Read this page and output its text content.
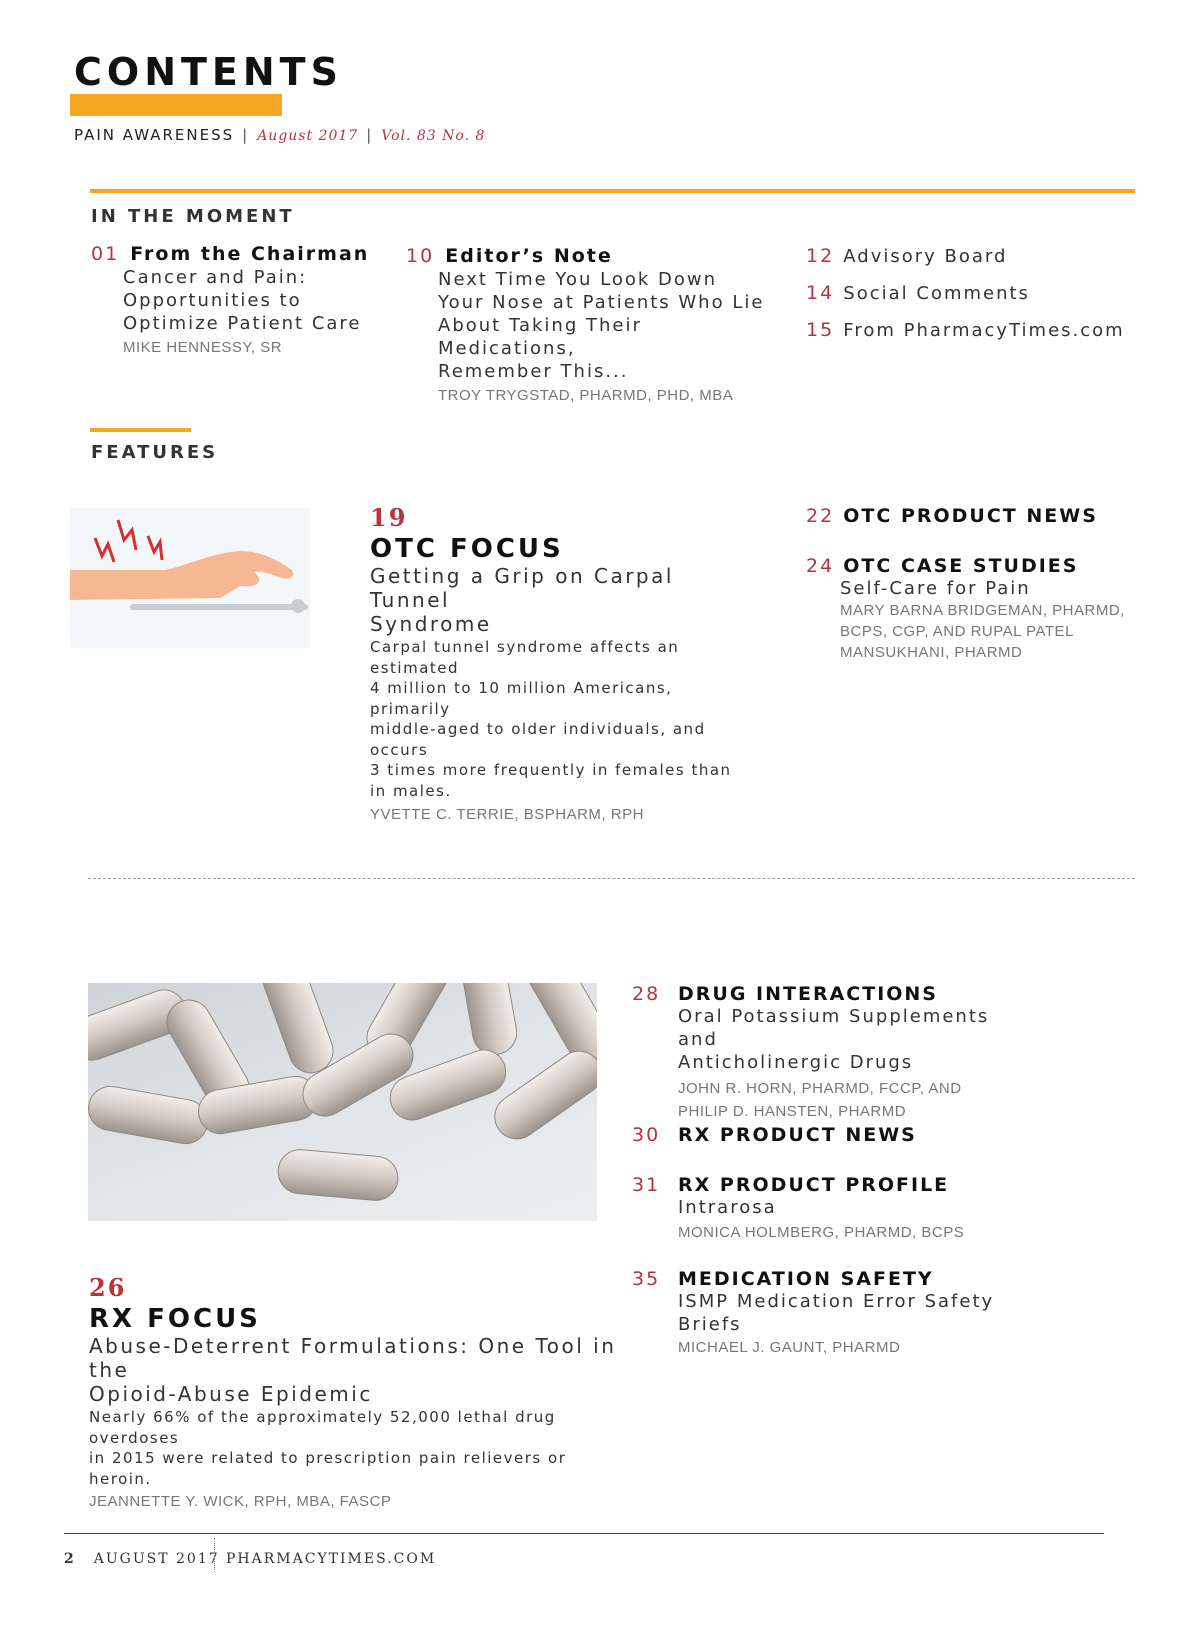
CONTENTS
PAIN AWARENESS | August 2017 | Vol. 83 No. 8
IN THE MOMENT
01 From the Chairman
Cancer and Pain:
Opportunities to
Optimize Patient Care
MIKE HENNESSY, SR
10 Editor’s Note
Next Time You Look Down
Your Nose at Patients Who Lie
About Taking Their Medications,
Remember This...
TROY TRYGSTAD, PHARMD, PHD, MBA
12 Advisory Board
14 Social Comments
15 From PharmacyTimes.com
FEATURES
19
OTC FOCUS
Getting a Grip on Carpal Tunnel
Syndrome
Carpal tunnel syndrome affects an estimated
4 million to 10 million Americans, primarily
middle-aged to older individuals, and occurs
3 times more frequently in females than
in males.
YVETTE C. TERRIE, BSPHARM, RPH
22 OTC PRODUCT NEWS
24 OTC CASE STUDIES
Self-Care for Pain
MARY BARNA BRIDGEMAN, PHARMD,
BCPS, CGP, AND RUPAL PATEL
MANSUKHANI, PHARMD
26
RX FOCUS
Abuse-Deterrent Formulations: One Tool in the
Opioid-Abuse Epidemic
Nearly 66% of the approximately 52,000 lethal drug overdoses
in 2015 were related to prescription pain relievers or heroin.
JEANNETTE Y. WICK, RPH, MBA, FASCP
28 DRUG INTERACTIONS
Oral Potassium Supplements and
Anticholinergic Drugs
JOHN R. HORN, PHARMD, FCCP, AND
PHILIP D. HANSTEN, PHARMD
30 RX PRODUCT NEWS
31 RX PRODUCT PROFILE
Intrarosa
MONICA HOLMBERG, PHARMD, BCPS
35 MEDICATION SAFETY
ISMP Medication Error Safety Briefs
MICHAEL J. GAUNT, PHARMD
2 AUGUST 2017 PHARMACYTIMES.COM
